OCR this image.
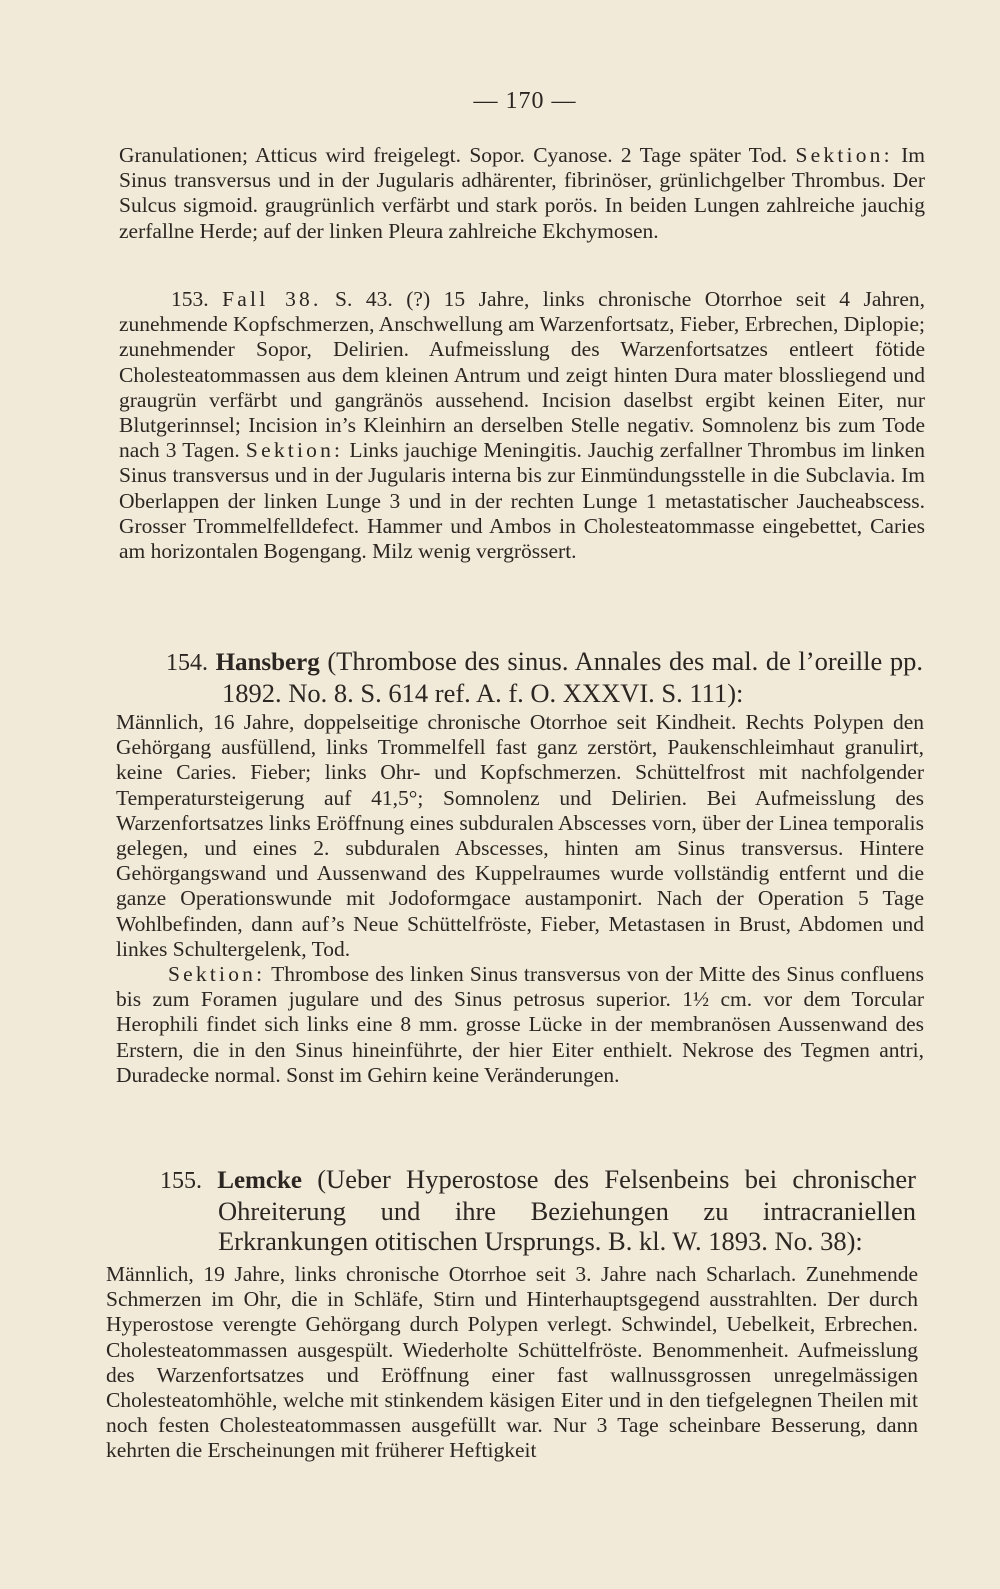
— 170 —

Granulationen; Atticus wird freigelegt. Sopor. Cyanose. 2 Tage später Tod. Sektion: Im Sinus transversus und in der Jugularis adhärenter, fibrinöser, grünlichgelber Thrombus. Der Sulcus sigmoid. graugrünlich verfärbt und stark porös. In beiden Lungen zahlreiche jauchig zerfallne Herde; auf der linken Pleura zahlreiche Ekchymosen.

153. Fall 38. S. 43. (?) 15 Jahre, links chronische Otorrhoe seit 4 Jahren, zunehmende Kopfschmerzen, Anschwellung am Warzenfortsatz, Fieber, Erbrechen, Diplopie; zunehmender Sopor, Delirien. Aufmeisslung des Warzenfortsatzes entleert fötide Cholesteatommassen aus dem kleinen Antrum und zeigt hinten Dura mater blossliegend und graugrün verfärbt und gangränös aussehend. Incision daselbst ergibt keinen Eiter, nur Blutgerinnsel; Incision in’s Kleinhirn an derselben Stelle negativ. Somnolenz bis zum Tode nach 3 Tagen. Sektion: Links jauchige Meningitis. Jauchig zerfallner Thrombus im linken Sinus transversus und in der Jugularis interna bis zur Einmündungsstelle in die Subclavia. Im Oberlappen der linken Lunge 3 und in der rechten Lunge 1 metastatischer Jaucheabscess. Grosser Trommelfelldefect. Hammer und Ambos in Cholesteatommasse eingebettet, Caries am horizontalen Bogengang. Milz wenig vergrössert.

154. Hansberg (Thrombose des sinus. Annales des mal. de l’oreille pp. 1892. No. 8. S. 614 ref. A. f. O. XXXVI. S. 111):

Männlich, 16 Jahre, doppelseitige chronische Otorrhoe seit Kindheit. Rechts Polypen den Gehörgang ausfüllend, links Trommelfell fast ganz zerstört, Paukenschleimhaut granulirt, keine Caries. Fieber; links Ohr- und Kopfschmerzen. Schüttelfrost mit nachfolgender Temperatursteigerung auf 41,5°; Somnolenz und Delirien. Bei Aufmeisslung des Warzenfortsatzes links Eröffnung eines subduralen Abscesses vorn, über der Linea temporalis gelegen, und eines 2. subduralen Abscesses, hinten am Sinus transversus. Hintere Gehörgangswand und Aussenwand des Kuppelraumes wurde vollständig entfernt und die ganze Operationswunde mit Jodoformgace austamponirt. Nach der Operation 5 Tage Wohlbefinden, dann auf’s Neue Schüttelfröste, Fieber, Metastasen in Brust, Abdomen und linkes Schultergelenk, Tod.

Sektion: Thrombose des linken Sinus transversus von der Mitte des Sinus confluens bis zum Foramen jugulare und des Sinus petrosus superior. 1½ cm. vor dem Torcular Herophili findet sich links eine 8 mm. grosse Lücke in der membranösen Aussenwand des Erstern, die in den Sinus hineinführte, der hier Eiter enthielt. Nekrose des Tegmen antri, Duradecke normal. Sonst im Gehirn keine Veränderungen.

155. Lemcke (Ueber Hyperostose des Felsenbeins bei chronischer Ohreiterung und ihre Beziehungen zu intracraniellen Erkrankungen otitischen Ursprungs. B. kl. W. 1893. No. 38):

Männlich, 19 Jahre, links chronische Otorrhoe seit 3. Jahre nach Scharlach. Zunehmende Schmerzen im Ohr, die in Schläfe, Stirn und Hinterhauptsgegend ausstrahlten. Der durch Hyperostose verengte Gehörgang durch Polypen verlegt. Schwindel, Uebelkeit, Erbrechen. Cholesteatommassen ausgespült. Wiederholte Schüttelfröste. Benommenheit. Aufmeisslung des Warzenfortsatzes und Eröffnung einer fast wallnussgrossen unregelmässigen Cholesteatomhöhle, welche mit stinkendem käsigen Eiter und in den tiefgelegnen Theilen mit noch festen Cholesteatommassen ausgefüllt war. Nur 3 Tage scheinbare Besserung, dann kehrten die Erscheinungen mit früherer Heftigkeit
